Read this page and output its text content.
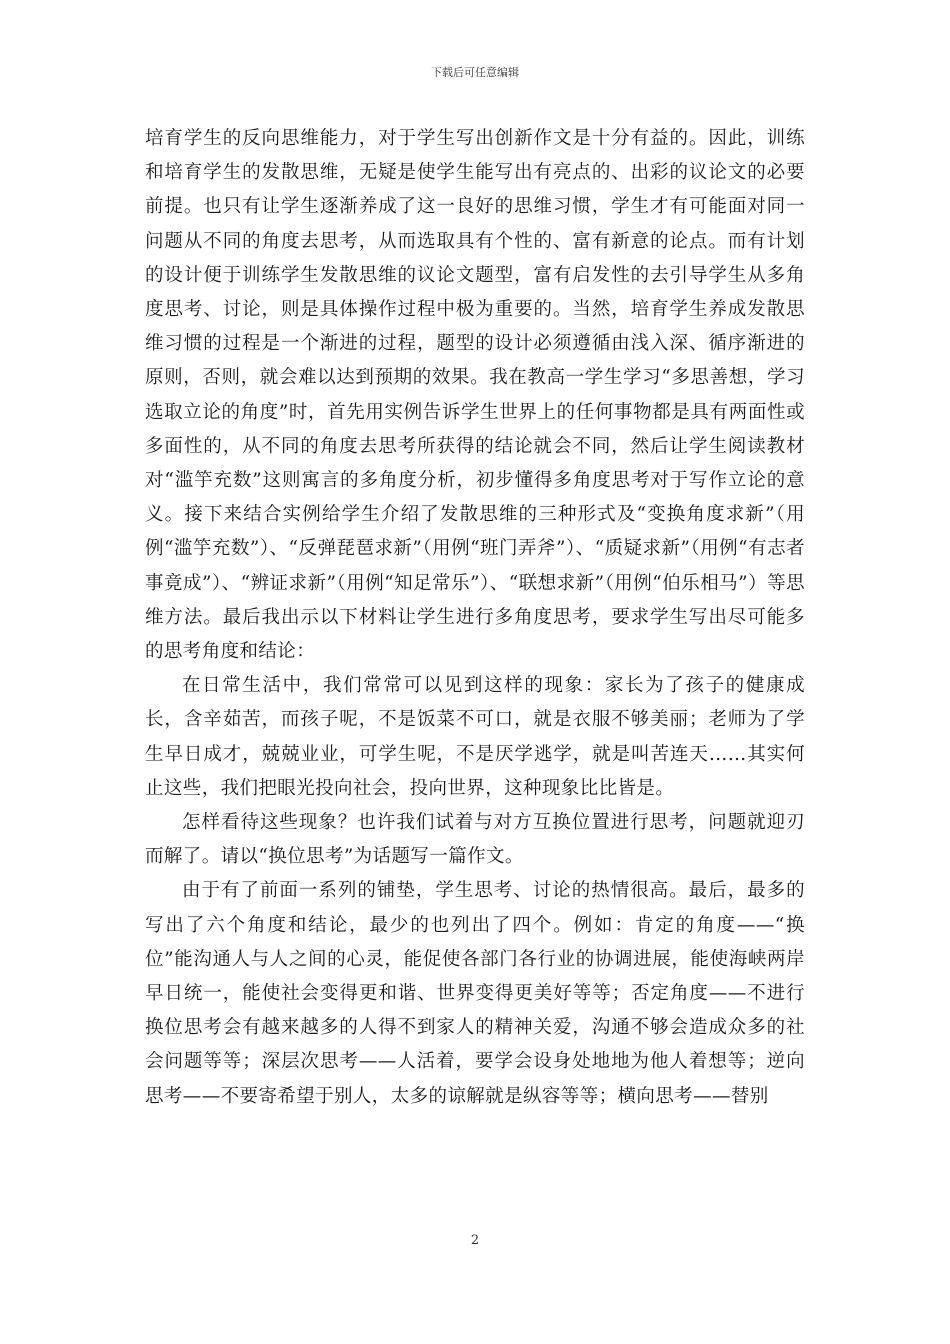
下载后可任意编辑

培育学生的反向思维能力，对于学生写出创新作文是十分有益的。因此，训练和培育学生的发散思维，无疑是使学生能写出有亮点的、出彩的议论文的必要前提。也只有让学生逐渐养成了这一良好的思维习惯，学生才有可能面对同一问题从不同的角度去思考，从而选取具有个性的、富有新意的论点。而有计划的设计便于训练学生发散思维的议论文题型，富有启发性的去引导学生从多角度思考、讨论，则是具体操作过程中极为重要的。当然，培育学生养成发散思维习惯的过程是一个渐进的过程，题型的设计必须遵循由浅入深、循序渐进的原则，否则，就会难以达到预期的效果。我在教高一学生学习“多思善想，学习选取立论的角度”时，首先用实例告诉学生世界上的任何事物都是具有两面性或多面性的，从不同的角度去思考所获得的结论就会不同，然后让学生阅读教材对“滥竽充数”这则寓言的多角度分析，初步懂得多角度思考对于写作立论的意义。接下来结合实例给学生介绍了发散思维的三种形式及“变换角度求新”（用例“滥竽充数”）、“反弹琵琶求新”（用例“班门弄斧”）、“质疑求新”（用例“有志者事竟成”）、“辨证求新”（用例“知足常乐”）、“联想求新”（用例“伯乐相马”）等思维方法。最后我出示以下材料让学生进行多角度思考，要求学生写出尽可能多的思考角度和结论：

在日常生活中，我们常常可以见到这样的现象：家长为了孩子的健康成长，含辛茹苦，而孩子呢，不是饭菜不可口，就是衣服不够美丽；老师为了学生早日成才，兢兢业业，可学生呢，不是厌学逃学，就是叫苦连天……其实何止这些，我们把眼光投向社会，投向世界，这种现象比比皆是。

怎样看待这些现象？也许我们试着与对方互换位置进行思考，问题就迎刃而解了。请以“换位思考”为话题写一篇作文。

由于有了前面一系列的铺垫，学生思考、讨论的热情很高。最后，最多的写出了六个角度和结论，最少的也列出了四个。例如：肯定的角度——“换位”能沟通人与人之间的心灵，能促使各部门各行业的协调进展，能使海峡两岸早日统一，能使社会变得更和谐、世界变得更美好等等；否定角度——不进行换位思考会有越来越多的人得不到家人的精神关爱，沟通不够会造成众多的社会问题等等；深层次思考——人活着，要学会设身处地地为他人着想等；逆向思考——不要寄希望于别人，太多的谅解就是纵容等等；横向思考——替别

2
